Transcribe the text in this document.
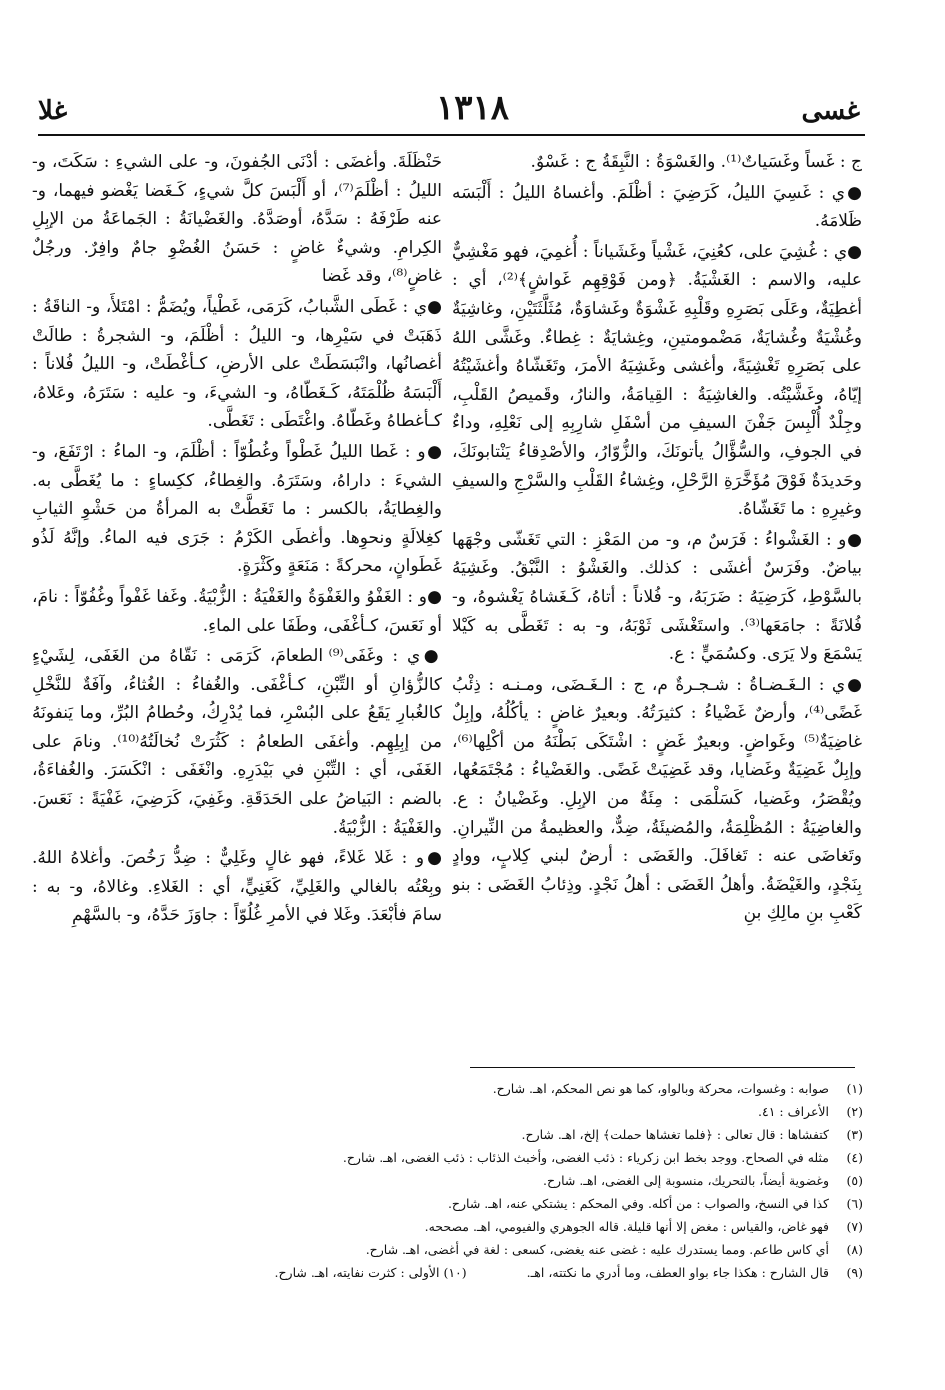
غسى
١٣١٨
غلا

ج : غَساً وغَسَياتٌ⁽¹⁾. والغَسْوَةُ : النَّبِقَةُ ج : غَسْوٌ.

●ي : غَسِيَ الليلُ، كَرَضِيَ : أظْلَمَ. وأغساهُ الليلُ : أَلْبَسَه ظَلامَهُ.

●ي : غُشِيَ على، كعُنِيَ، غَشْياً وغَشَياناً : أُغمِيَ، فهو مَغْشِيٌّ عليه، والاسم : الغَشْيَةُ. ﴿ومن فَوْقِهِم غَواشٍ﴾⁽²⁾، أي : أغطِيَةٌ، وعَلَى بَصَرِهِ وقَلْبِهِ غَشْوَةٌ وغَشاوَةٌ، مُثَلَّثَتَيْنِ، وغاشِيَةٌ وغُشْيَةٌ وغُشايَةٌ، مَضْمومتينِ، وغِشايَةٌ : غِطاءٌ. وغَشَّى اللهُ على بَصَرِهِ تَغْشِيَةً، وأغشى وغَشِيَهُ الأمرَ، وتَغَشّاهُ وأغشَيْتُهُ إيّاهُ، وغَشَّيْتُه. والغاشِيَةُ : القِيامَةُ، والنارُ، وقَميصُ القَلْبِ، وجِلْدٌ أُلْبِسَ جَفْنَ السيفِ من أسْفَلِ شارِبِهِ إلى نَعْلِهِ، وداءٌ في الجوفِ، والسُّؤَّالُ يأتونَكَ، والزُّوّارُ، والأصْدِقاءُ يَنْتابونَكَ، وحَديدَةٌ فَوْقَ مُؤَخَّرَةِ الرَّحْلِ، وغِشاءُ القَلْبِ والسَّرْجِ والسيفِ وغيرِهِ : ما تَغَشّاهُ.

●و : الغَشْواءُ : فَرَسٌ م، و- من المَعْزِ : التي تَغَشّى وجْهَها بياضٌ. وفَرَسٌ أغشَى : كذلك. والغَشْوُ : النَّبْقُ. وغَشِيَهُ بالسَّوْطِ، كَرَضِيَهُ : ضَرَبَهُ، و- فُلاناً : أتاهُ، كَـغَشاهُ يَغْشوهُ، و- فُلانَةً : جامَعَها⁽³⁾. واستَغْشَى ثَوْبَهُ، و- به : تَغَطَّى به كَيْلا يَسْمَعَ ولا يَرَى. وكسُمَيٍّ : ع.

●ي : الـغَـضـاةُ : شـجـرةٌ م، ج : الـغَـضَى، ومـنـه : ذِئْبُ غَضًى⁽⁴⁾، وأرضٌ غَضْياءُ : كثيرَتُهُ. وبعيرٌ غاضٍ : يأكُلُهُ، وإبِلٌ غاضِيَةٌ⁽⁵⁾ وغَواضٍ. وبعيرٌ غَضٍ : اشْتَكَى بَطْنَهُ من أكْلِها⁽⁶⁾، وإبِلٌ غَضِيَةٌ وغَضايا، وقد غَضِيَتْ غَضًى. والغَضْياءُ : مُجْتَمَعُها، ويُقْصَرُ، وغَضيا، كَسَلْمَى : مِئَةٌ من الإبِلِ. وغَضْيانُ : ع. والغاضِيَةُ : المُظْلِمَةُ، والمُضيئَةُ، ضِدٌّ، والعظيمةُ من النِّيرانِ. وتَغاضَى عنه : تَغافَلَ. والغَضَى : أرضٌ لبني كِلابٍ، ووادٍ بِنَجْدٍ، والغَيْضَةُ. وأهلُ الغَضَى : أهلُ نَجْدٍ. وذِئابُ الغَضَى : بنو كَعْبِ بنِ مالِكِ بنِ

حَنْظَلَةَ. وأغضَى : أدْنَى الجُفونَ، و- على الشيءِ : سَكَتَ، و- الليلُ : أظْلَمَ⁽⁷⁾، أو أَلْبَسَ كلَّ شيءٍ، كَـغَضا يَغْضو فيهما، و- عنه طَرْفَهُ : سَدَّهُ، أوصَدَّهُ. والغَضْيانَةُ : الجَماعَةُ من الإبِلِ الكِرامِ. وشيءٌ غاضٍ : حَسَنُ الغُضْوِ جامٌ وافِرٌ. ورجُلٌ غاضٍ⁽⁸⁾، وقد غَضا

●ي : غَطَى الشَّبابُ، كَرَمَى، غَطْياً، ويُضَمُّ : امْتَلأَ، و- الناقَةُ : ذَهَبَتْ في سَيْرِها، و- الليلُ : أظْلَمَ، و- الشجرةُ : طالَتْ أغصانُها، وانْبَسَطَتْ على الأرضِ، كـأغْطَتْ، و- الليلُ فُلاناً : أَلْبَسَهُ ظُلْمَتَهُ، كَـغَطّاهُ، و- الشيءَ، و- عليه : سَتَرَهُ، وعَلاهُ، كـأغطاهُ وغَطّاهُ. واغْتَطَى : تَغَطَّى.

●و : غَطا الليلُ غَطْواً وغُطُوّاً : أظْلَمَ، و- الماءُ : ارْتَفَعَ، و- الشيءَ : داراهُ، وسَتَرَهُ. والغِطاءُ، ككِساءٍ : ما يُغَطَّى به. والغِطايَةُ، بالكسر : ما تَغَطَّتْ به المرأةُ من حَشْوِ الثيابِ كغِلالَةٍ ونحوِها. وأغطَى الكَرْمُ : جَرَى فيه الماءُ. وإنَّهُ لَذُو غَطَوانٍ، محركةً : مَنَعَةٍ وكَثْرَةٍ.

●و : الغَفْوُ والغَفْوَةُ والغَفْيَةُ : الزُّبْيَةُ. وغَفا غَفْواً وغُفُوّاً : نامَ، أو نَعَسَ، كـأغْفَى، وطَفَا على الماءِ.

●ي : وغَفَى⁽⁹⁾ الطعامَ، كَرَمَى : نَقّاهُ من الغَفَى، لِشَيْءٍ كالزُّؤانِ أو التِّبْنِ، كـأغْفَى. والغُفاءُ : الغُثاءُ، وآفَةٌ للنَّخْلِ كالغُبارِ يَقَعُ على البُسْرِ، فما يُدْرِكُ، وحُطامُ البُرِّ، وما يَنفونَهُ من إبِلِهِم. وأغفَى الطعامُ : كَثُرَتْ نُخالَتُهُ⁽¹⁰⁾. ونامَ على الغَفَى، أي : التِّبْنِ في بَيْدَرِهِ. وانْغَفَى : انْكَسَرَ. والغُفاءَةُ، بالضم : البَياضُ على الحَدَقَةِ. وغَفِيَ، كَرَضِيَ، غَفْيَةً : نَعَسَ. والغَفْيَةُ : الزُّبْيَةُ.

●و : غَلا غَلاءً، فهو غالٍ وغَلِيٌّ : ضِدُّ رَخُصَ. وأغلاهُ اللهُ. وبِعْتُه بالغالي والغَلِيِّ، كَغَنِيٍّ، أي : الغَلاءِ. وغالاهُ، و- به : سامَ فأبْعَدَ. وغَلا في الأمرِ غُلُوّاً : جاوَزَ حَدَّهُ، و- بالسَّهْمِ

(١)صوابه : وغسوات، محركة وبالواو، كما هو نص المحكم، اهـ. شارح.
(٢)الأعراف : ٤١.
(٣)كتفشاها : قال تعالى : ﴿فلما تغشاها حملت﴾ إلخ، اهـ. شارح.
(٤)مثله في الصحاح. ووجد بخط ابن زكرياء : ذئب الغضى، وأخبث الذئاب : ذئب الغضى، اهـ. شارح.
(٥)وغضوية أيضاً، بالتحريك، منسوبة إلى الغضى، اهـ. شارح.
(٦)كذا في النسخ، والصواب : من أكله. وفي المحكم : يشتكي عنه، اهـ. شارح.
(٧)فهو غاض، والقياس : مغض إلا أنها قليلة. قاله الجوهري والفيومي، اهـ. مصححه.
(٨)أي كاس طاعم. ومما يستدرك عليه : غضى عنه يغضى، كسعى : لغة في أغضى، اهـ. شارح.
(٩)قال الشارح : هكذا جاء بواو العطف، وما أدري ما نكتته، اهـ.(١٠) الأولى : كثرت نفايته، اهـ. شارح.
